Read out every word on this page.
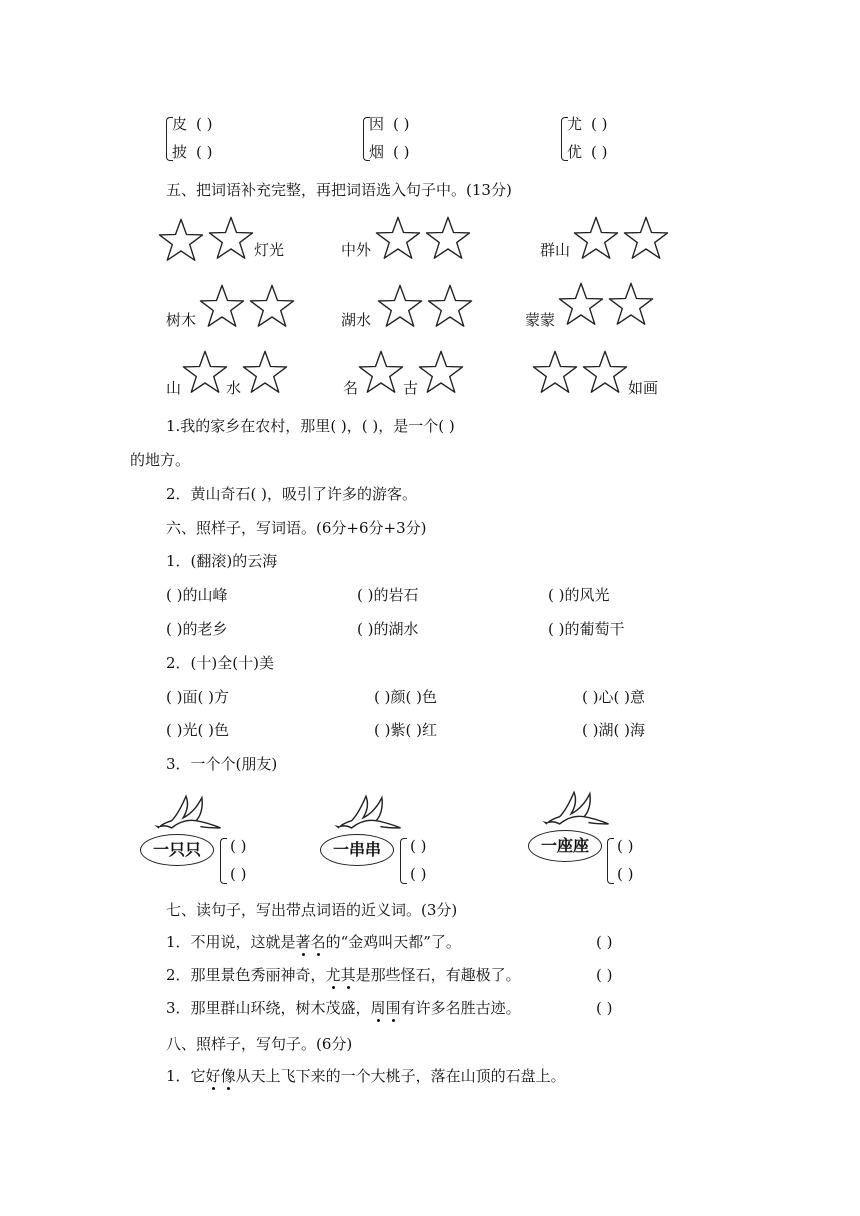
皮 ( )
披 ( )
因 ( )
烟 ( )
尤 ( )
优 ( )
五、把词语补充完整，再把词语选入句子中。(13分)
灯光	中外	群山
树木	湖水	蒙蒙
山	水	名	古	如画
1.我的家乡在农村，那里( )，( )，是一个( )
的地方。
2．黄山奇石( )，吸引了许多的游客。
六、照样子，写词语。(6分+6分+3分)
1．(翻滚)的云海
( )的山峰	( )的岩石	( )的风光
( )的老乡	( )的湖水	( )的葡萄干
2．(十)全(十)美
( )面( )方	( )颜( )色	( )心( )意
( )光( )色	( )紫( )红	( )湖( )海
3．一个个(朋友)
一只只	( )
( )
一串串	( )
( )
一座座	( )
( )
七、读句子，写出带点词语的近义词。(3分)
1．不用说，这就是著名的“金鸡叫天都”了。	( )
2．那里景色秀丽神奇，尤其是那些怪石，有趣极了。	( )
3．那里群山环绕，树木茂盛，周围有许多名胜古迹。	( )
八、照样子，写句子。(6分)
1．它好像从天上飞下来的一个大桃子，落在山顶的石盘上。
